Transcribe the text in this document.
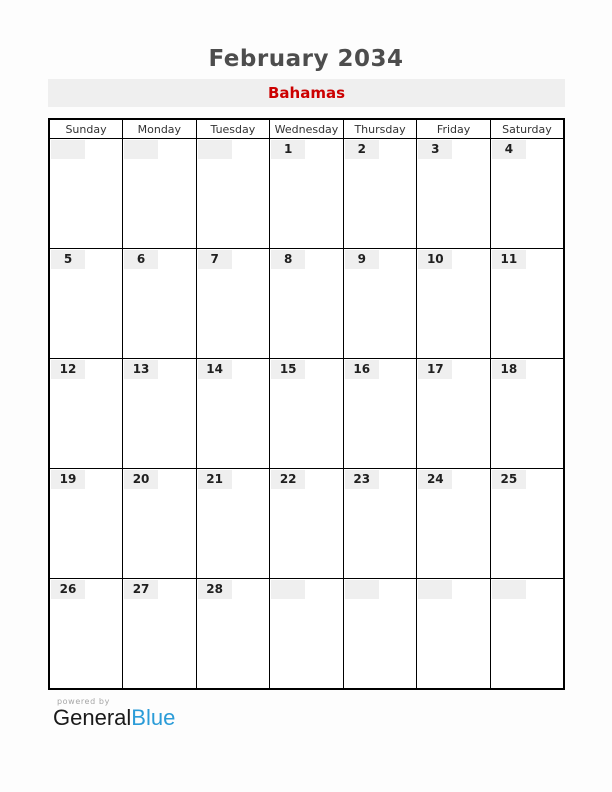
February 2034
Bahamas
Sunday	Monday	Tuesday	Wednesday	Thursday	Friday	Saturday

			1	2	3	4

5	6	7	8	9	10	11

12	13	14	15	16	17	18

19	20	21	22	23	24	25

26	27	28				

powered by
GeneralBlue
